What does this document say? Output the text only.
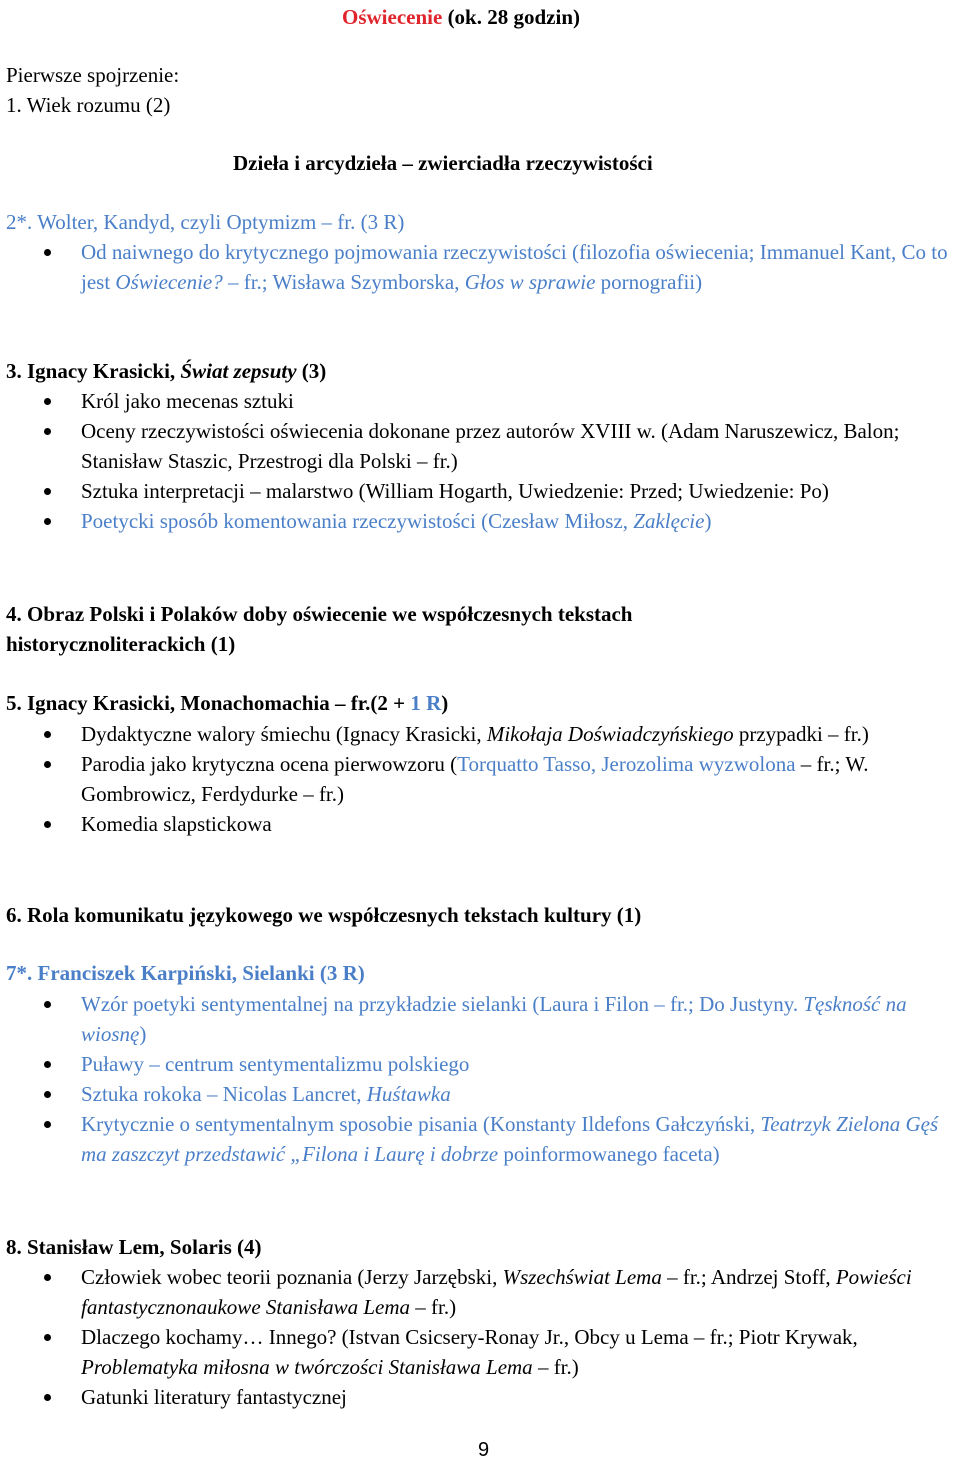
Oświecenie (ok. 28 godzin)
Pierwsze spojrzenie:
1. Wiek rozumu (2)
Dzieła i arcydzieła – zwierciadła rzeczywistości
2*. Wolter, Kandyd, czyli Optymizm – fr. (3 R)
Od naiwnego do krytycznego pojmowania rzeczywistości (filozofia oświecenia; Immanuel Kant, Co to jest Oświecenie? – fr.; Wisława Szymborska, Głos w sprawie pornografii)
3. Ignacy Krasicki, Świat zepsuty (3)
Król jako mecenas sztuki
Oceny rzeczywistości oświecenia dokonane przez autorów XVIII w. (Adam Naruszewicz, Balon; Stanisław Staszic, Przestrogi dla Polski – fr.)
Sztuka interpretacji – malarstwo (William Hogarth, Uwiedzenie: Przed; Uwiedzenie: Po)
Poetycki sposób komentowania rzeczywistości (Czesław Miłosz, Zaklęcie)
4. Obraz Polski i Polaków doby oświecenie we współczesnych tekstach
historycznoliterackich (1)
5. Ignacy Krasicki, Monachomachia – fr.(2 + 1 R)
Dydaktyczne walory śmiechu (Ignacy Krasicki, Mikołaja Doświadczyńskiego przypadki – fr.)
Parodia jako krytyczna ocena pierwowzoru (Torquatto Tasso, Jerozolima wyzwolona – fr.; W. Gombrowicz, Ferdydurke – fr.)
Komedia slapstickowa
6. Rola komunikatu językowego we współczesnych tekstach kultury (1)
7*. Franciszek Karpiński, Sielanki (3 R)
Wzór poetyki sentymentalnej na przykładzie sielanki (Laura i Filon – fr.; Do Justyny. Tęskność na wiosnę)
Puławy – centrum sentymentalizmu polskiego
Sztuka rokoka – Nicolas Lancret, Huśtawka
Krytycznie o sentymentalnym sposobie pisania (Konstanty Ildefons Gałczyński, Teatrzyk Zielona Gęś ma zaszczyt przedstawić „Filona i Laurę i dobrze poinformowanego faceta)
8. Stanisław Lem, Solaris (4)
Człowiek wobec teorii poznania (Jerzy Jarzębski, Wszechświat Lema – fr.; Andrzej Stoff, Powieści fantastycznonaukowe Stanisława Lema – fr.)
Dlaczego kochamy… Innego? (Istvan Csicsery-Ronay Jr., Obcy u Lema – fr.; Piotr Krywak, Problematyka miłosna w twórczości Stanisława Lema – fr.)
Gatunki literatury fantastycznej
9
